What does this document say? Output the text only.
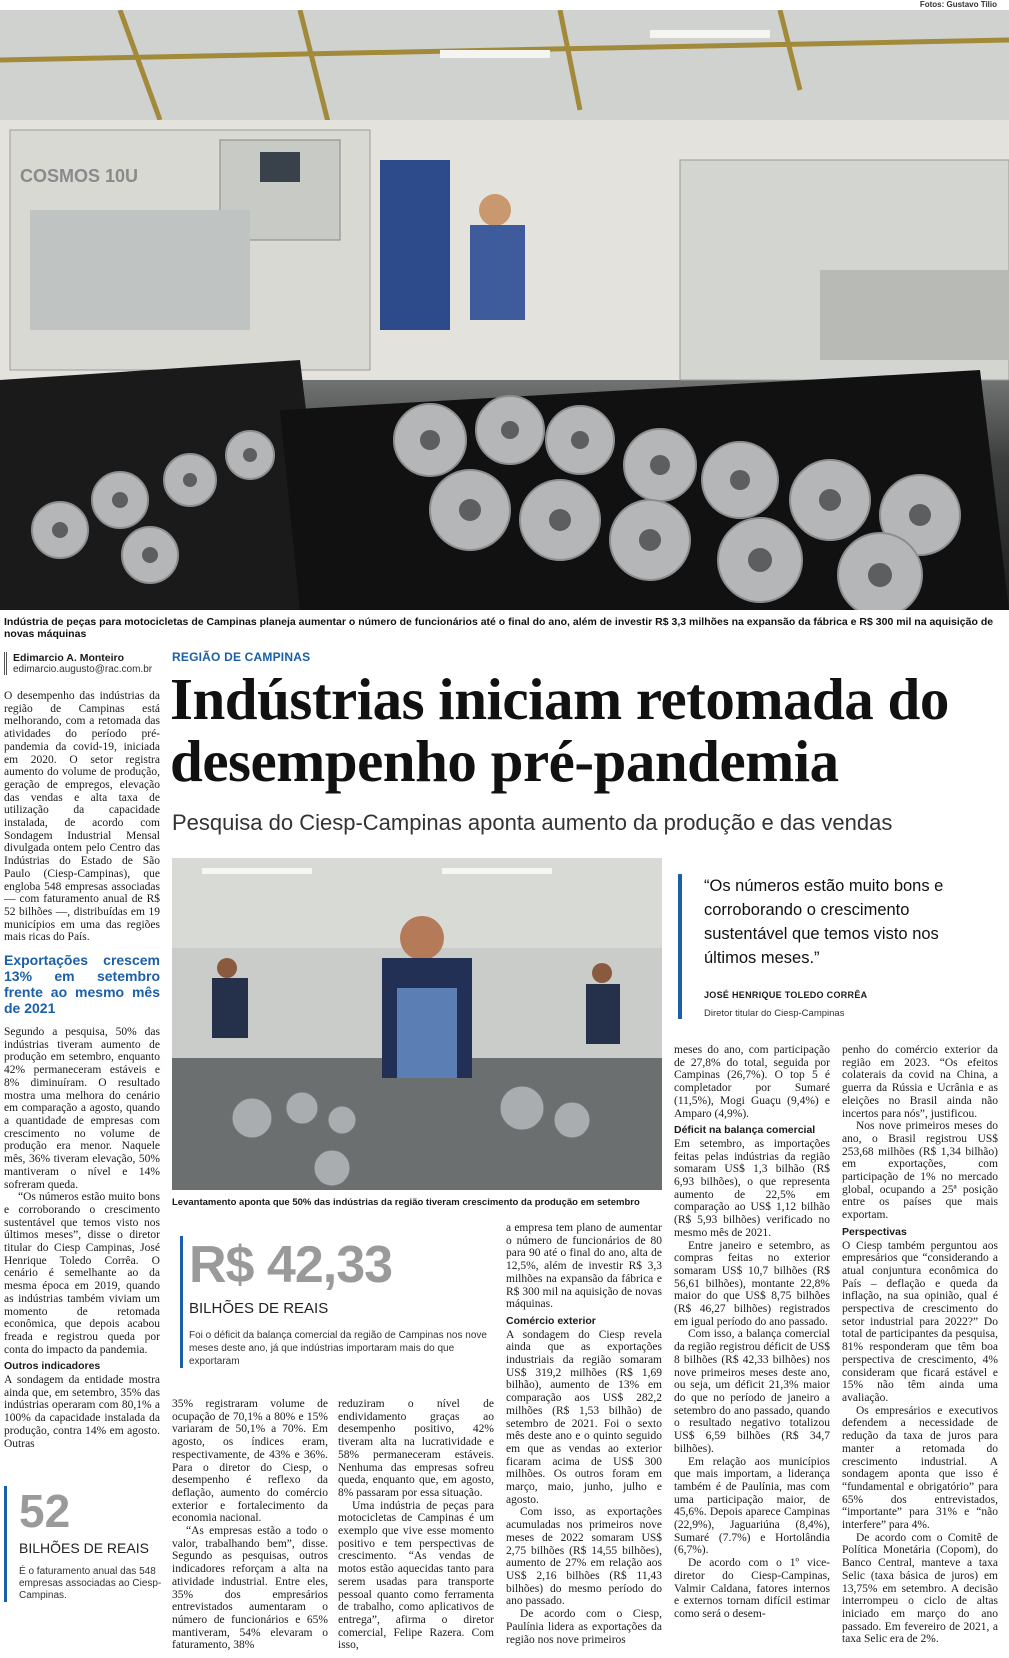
Fotos: Gustavo Tilio
COSMOS 10U
Indústria de peças para motocicletas de Campinas planeja aumentar o número de funcionários até o final do ano, além de investir R$ 3,3 milhões na expansão da fábrica e R$ 300 mil na aquisição de novas máquinas
Edimarcio A. Monteiro
edimarcio.augusto@rac.com.br

O desempenho das indústrias da região de Campinas está melhorando, com a retomada das atividades do período pré-pandemia da covid-19, iniciada em 2020. O setor registra aumento do volume de produção, geração de empregos, elevação das vendas e alta taxa de utilização da capacidade instalada, de acordo com Sondagem Industrial Mensal divulgada ontem pelo Centro das Indústrias do Estado de São Paulo (Ciesp-Campinas), que engloba 548 empresas associadas — com faturamento anual de R$ 52 bilhões —, distribuídas em 19 municípios em uma das regiões mais ricas do País.

Exportações crescem 13% em setembro frente ao mesmo mês de 2021

Segundo a pesquisa, 50% das indústrias tiveram aumento de produção em setembro, enquanto 42% permaneceram estáveis e 8% diminuíram. O resultado mostra uma melhora do cenário em comparação a agosto, quando a quantidade de empresas com crescimento no volume de produção era menor. Naquele mês, 36% tiveram elevação, 50% mantiveram o nível e 14% sofreram queda.

“Os números estão muito bons e corroborando o crescimento sustentável que temos visto nos últimos meses”, disse o diretor titular do Ciesp Campinas, José Henrique Toledo Corrêa. O cenário é semelhante ao da mesma época em 2019, quando as indústrias também viviam um momento de retomada econômica, que depois acabou freada e registrou queda por conta do impacto da pandemia.

Outros indicadores

A sondagem da entidade mostra ainda que, em setembro, 35% das indústrias operaram com 80,1% a 100% da capacidade instalada da produção, contra 14% em agosto. Outras

52
BILHÕES DE REAIS
É o faturamento anual das 548 empresas associadas ao Ciesp-Campinas.
REGIÃO DE CAMPINAS
Indústrias iniciam retomada do desempenho pré-pandemia
Pesquisa do Ciesp-Campinas aponta aumento da produção e das vendas
Levantamento aponta que 50% das indústrias da região tiveram crescimento da produção em setembro
“Os números estão muito bons e corroborando o crescimento sustentável que temos visto nos últimos meses.”
JOSÉ HENRIQUE TOLEDO CORRÊA
Diretor titular do Ciesp-Campinas
R$ 42,33
BILHÕES DE REAIS
Foi o déficit da balança comercial da região de Campinas nos nove meses deste ano, já que indústrias importaram mais do que exportaram

35% registraram volume de ocupação de 70,1% a 80% e 15% variaram de 50,1% a 70%. Em agosto, os índices eram, respectivamente, de 43% e 36%. Para o diretor do Ciesp, o desempenho é reflexo da deflação, aumento do comércio exterior e fortalecimento da economia nacional.

“As empresas estão a todo o valor, trabalhando bem”, disse. Segundo as pesquisas, outros indicadores reforçam a alta na atividade industrial. Entre eles, 35% dos empresários entrevistados aumentaram o número de funcionários e 65% mantiveram, 54% elevaram o faturamento, 38%

reduziram o nível de endividamento graças ao desempenho positivo, 42% tiveram alta na lucratividade e 58% permaneceram estáveis. Nenhuma das empresas sofreu queda, enquanto que, em agosto, 8% passaram por essa situação.

Uma indústria de peças para motocicletas de Campinas é um exemplo que vive esse momento positivo e tem perspectivas de crescimento. “As vendas de motos estão aquecidas tanto para serem usadas para transporte pessoal quanto como ferramenta de trabalho, como aplicativos de entrega”, afirma o diretor comercial, Felipe Razera. Com isso,

a empresa tem plano de aumentar o número de funcionários de 80 para 90 até o final do ano, alta de 12,5%, além de investir R$ 3,3 milhões na expansão da fábrica e R$ 300 mil na aquisição de novas máquinas.

Comércio exterior

A sondagem do Ciesp revela ainda que as exportações industriais da região somaram US$ 319,2 milhões (R$ 1,69 bilhão), aumento de 13% em comparação aos US$ 282,2 milhões (R$ 1,53 bilhão) de setembro de 2021. Foi o sexto mês deste ano e o quinto seguido em que as vendas ao exterior ficaram acima de US$ 300 milhões. Os outros foram em março, maio, junho, julho e agosto.

Com isso, as exportações acumuladas nos primeiros nove meses de 2022 somaram US$ 2,75 bilhões (R$ 14,55 bilhões), aumento de 27% em relação aos US$ 2,16 bilhões (R$ 11,43 bilhões) do mesmo período do ano passado.

De acordo com o Ciesp, Paulínia lidera as exportações da região nos nove primeiros

meses do ano, com participação de 27,8% do total, seguida por Campinas (26,7%). O top 5 é completador por Sumaré (11,5%), Mogi Guaçu (9,4%) e Amparo (4,9%).

Déficit na balança comercial

Em setembro, as importações feitas pelas indústrias da região somaram US$ 1,3 bilhão (R$ 6,93 bilhões), o que representa aumento de 22,5% em comparação ao US$ 1,12 bilhão (R$ 5,93 bilhões) verificado no mesmo mês de 2021.

Entre janeiro e setembro, as compras feitas no exterior somaram US$ 10,7 bilhões (R$ 56,61 bilhões), montante 22,8% maior do que US$ 8,75 bilhões (R$ 46,27 bilhões) registrados em igual período do ano passado.

Com isso, a balança comercial da região registrou déficit de US$ 8 bilhões (R$ 42,33 bilhões) nos nove primeiros meses deste ano, ou seja, um déficit 21,3% maior do que no período de janeiro a setembro do ano passado, quando o resultado negativo totalizou US$ 6,59 bilhões (R$ 34,7 bilhões).

Em relação aos municípios que mais importam, a liderança também é de Paulínia, mas com uma participação maior, de 45,6%. Depois aparece Campinas (22,9%), Jaguariúna (8,4%), Sumaré (7.7%) e Hortolândia (6,7%).

De acordo com o 1º vice-diretor do Ciesp-Campinas, Valmir Caldana, fatores internos e externos tornam difícil estimar como será o desem-

penho do comércio exterior da região em 2023. “Os efeitos colaterais da covid na China, a guerra da Rússia e Ucrânia e as eleições no Brasil ainda não incertos para nós”, justificou.

Nos nove primeiros meses do ano, o Brasil registrou US$ 253,68 milhões (R$ 1,34 bilhão) em exportações, com participação de 1% no mercado global, ocupando a 25ª posição entre os países que mais exportam.

Perspectivas

O Ciesp também perguntou aos empresários que “considerando a atual conjuntura econômica do País – deflação e queda da inflação, na sua opinião, qual é perspectiva de crescimento do setor industrial para 2022?” Do total de participantes da pesquisa, 81% responderam que têm boa perspectiva de crescimento, 4% consideram que ficará estável e 15% não têm ainda uma avaliação.

Os empresários e executivos defendem a necessidade de redução da taxa de juros para manter a retomada do crescimento industrial. A sondagem aponta que isso é “fundamental e obrigatório” para 65% dos entrevistados, “importante” para 31% e “não interfere” para 4%.

De acordo com o Comitê de Política Monetária (Copom), do Banco Central, manteve a taxa Selic (taxa básica de juros) em 13,75% em setembro. A decisão interrompeu o ciclo de altas iniciado em março do ano passado. Em fevereiro de 2021, a taxa Selic era de 2%.
